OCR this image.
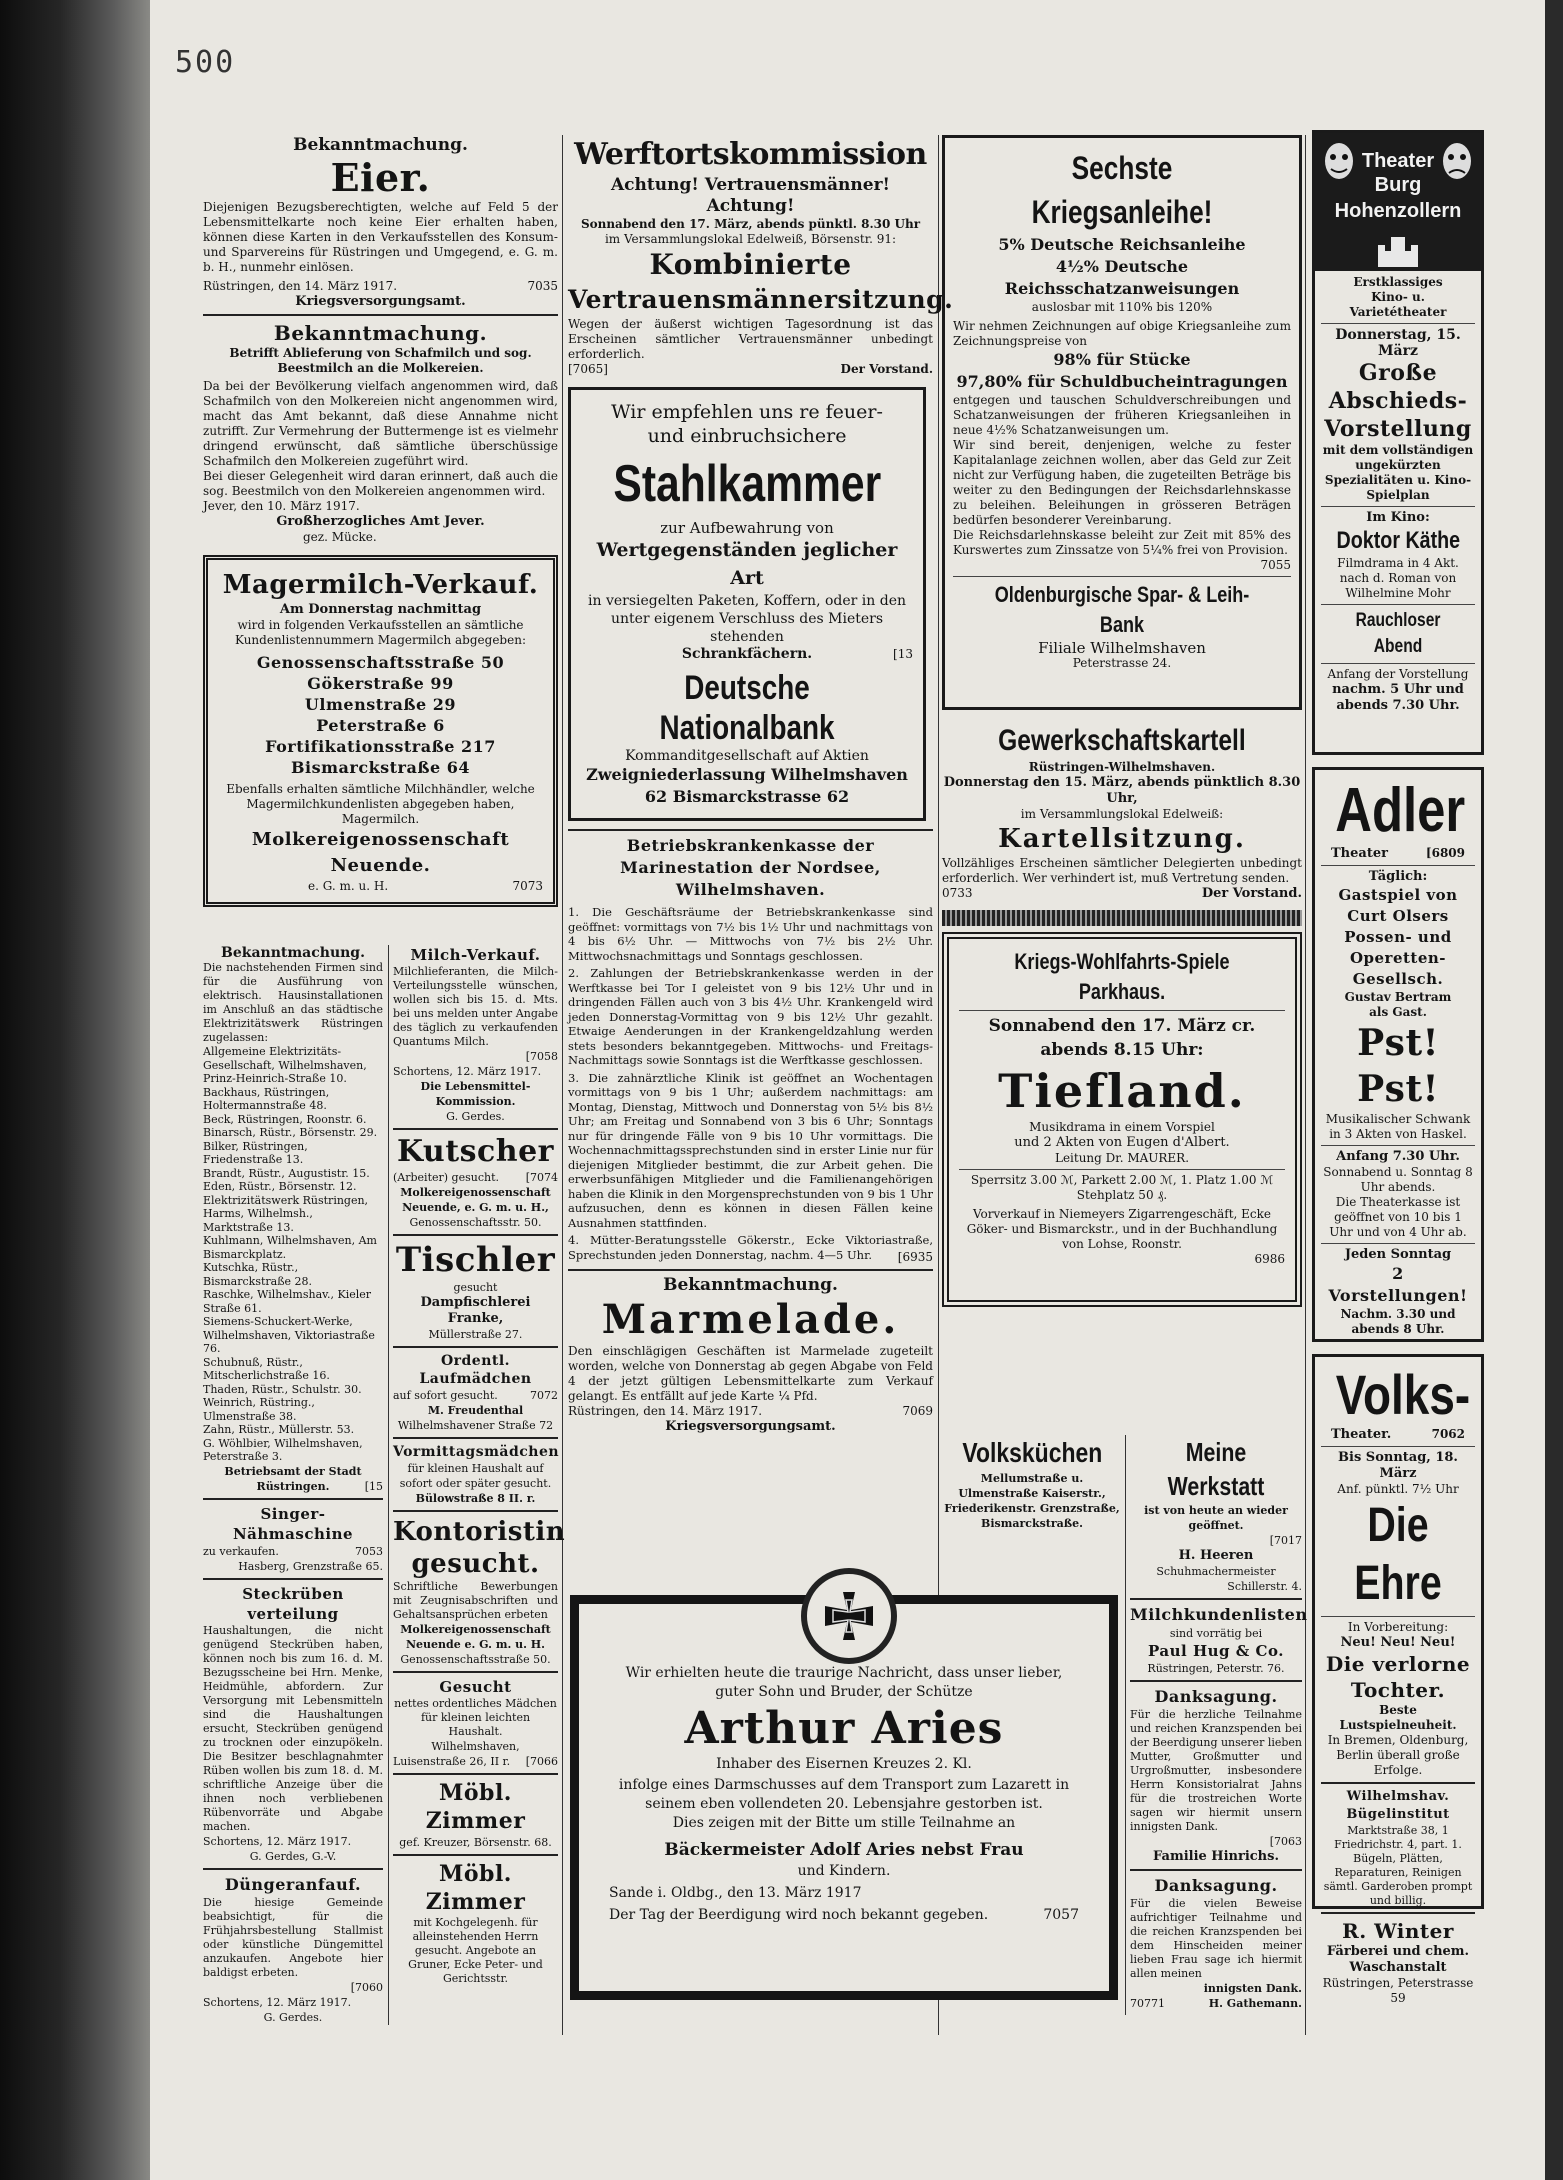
500

Bekanntmachung.

Eier.

Diejenigen Bezugsberechtigten, welche auf Feld 5 der Lebensmittelkarte noch keine Eier erhalten haben, können diese Karten in den Verkaufsstellen des Konsum- und Sparvereins für Rüstringen und Umgegend, e. G. m. b. H., nunmehr einlösen.

Rüstringen, den 14. März 1917.	7035

Kriegsversorgungsamt.

Bekanntmachung.

Betrifft Ablieferung von Schafmilch und sog. Beestmilch an die Molkereien.

Da bei der Bevölkerung vielfach angenommen wird, daß Schafmilch von den Molkereien nicht angenommen wird, macht das Amt bekannt, daß diese Annahme nicht zutrifft. Zur Vermehrung der Buttermenge ist es vielmehr dringend erwünscht, daß sämtliche überschüssige Schafmilch den Molkereien zugeführt wird.

Bei dieser Gelegenheit wird daran erinnert, daß auch die sog. Beestmilch von den Molkereien angenommen wird.

Jever, den 10. März 1917.

Großherzogliches Amt Jever.

gez. Mücke.

Magermilch-Verkauf.

Am Donnerstag nachmittag

wird in folgenden Verkaufsstellen an sämtliche Kundenlistennummern Magermilch abgegeben:

Genossenschaftsstraße 50

Gökerstraße 99

Ulmenstraße 29

Peterstraße 6

Fortifikationsstraße 217

Bismarckstraße 64

Ebenfalls erhalten sämtliche Milchhändler, welche Magermilchkundenlisten abgegeben haben, Magermilch.

Molkereigenossenschaft Neuende.

e. G. m. u. H.	7073

Bekanntmachung.

Die nachstehenden Firmen sind für die Ausführung von elektrisch. Hausinstallationen im Anschluß an das städtische Elektrizitätswerk Rüstringen zugelassen:

Allgemeine Elektrizitäts-Gesellschaft, Wilhelmshaven, Prinz-Heinrich-Straße 10.

Backhaus, Rüstringen, Holtermannstraße 48.

Beck, Rüstringen, Roonstr. 6.

Binarsch, Rüstr., Börsenstr. 29.

Bilker, Rüstringen, Friedenstraße 13.

Brandt, Rüstr., Augustistr. 15.

Eden, Rüstr., Börsenstr. 12.

Elektrizitätswerk Rüstringen, Harms, Wilhelmsh., Marktstraße 13.

Kuhlmann, Wilhelmshaven, Am Bismarckplatz.

Kutschka, Rüstr., Bismarckstraße 28.

Raschke, Wilhelmshav., Kieler Straße 61.

Siemens-Schuckert-Werke, Wilhelmshaven, Viktoriastraße 76.

Schubnuß, Rüstr., Mitscherlichstraße 16.

Thaden, Rüstr., Schulstr. 30.

Weinrich, Rüstring., Ulmenstraße 38.

Zahn, Rüstr., Müllerstr. 53.

G. Wöhlbier, Wilhelmshaven, Peterstraße 3.

Betriebsamt der Stadt Rüstringen.	[15

Singer-Nähmaschine

zu verkaufen.	7053

Hasberg, Grenzstraße 65.

Steckrüben verteilung

Haushaltungen, die nicht genügend Steckrüben haben, können noch bis zum 16. d. M. Bezugsscheine bei Hrn. Menke, Heidmühle, abfordern. Zur Versorgung mit Lebensmitteln sind die Haushaltungen ersucht, Steckrüben genügend zu trocknen oder einzupökeln. Die Besitzer beschlagnahmter Rüben wollen bis zum 18. d. M. schriftliche Anzeige über die ihnen noch verbliebenen Rübenvorräte und Abgabe machen.

Schortens, 12. März 1917.

G. Gerdes, G.-V.

Düngeranfauf.

Die hiesige Gemeinde beabsichtigt, für die Frühjahrsbestellung Stallmist oder künstliche Düngemittel anzukaufen. Angebote hier baldigst erbeten.

[7060

Schortens, 12. März 1917.

G. Gerdes.

Milch-Verkauf.

Milchlieferanten, die Milch-Verteilungsstelle wünschen, wollen sich bis 15. d. Mts. bei uns melden unter Angabe des täglich zu verkaufenden Quantums Milch.

[7058

Schortens, 12. März 1917.

Die Lebensmittel-Kommission.

G. Gerdes.

Kutscher

(Arbeiter) gesucht. [7074

Molkereigenossenschaft Neuende, e. G. m. u. H.,

Genossenschaftsstr. 50.

Tischler

gesucht

Dampfischlerei Franke,

Müllerstraße 27.

Ordentl. Laufmädchen

auf sofort gesucht.	7072

M. Freudenthal

Wilhelmshavener Straße 72

Vormittagsmädchen

für kleinen Haushalt auf sofort oder später gesucht.

Bülowstraße 8 II. r.

Kontoristin gesucht.

Schriftliche Bewerbungen mit Zeugnisabschriften und Gehaltsansprüchen erbeten

Molkereigenossenschaft Neuende e. G. m. u. H.

Genossenschaftsstraße 50.

Gesucht

nettes ordentliches Mädchen für kleinen leichten Haushalt.

Wilhelmshaven,

Luisenstraße 26, II r. [7066

Möbl. Zimmer

gef. Kreuzer, Börsenstr. 68.

Möbl. Zimmer

mit Kochgelegenh. für alleinstehenden Herrn gesucht. Angebote an Gruner, Ecke Peter- und Gerichtsstr.

Werftortskommission

Achtung! Vertrauensmänner! Achtung!

Sonnabend den 17. März, abends pünktl. 8.30 Uhr

im Versammlungslokal Edelweiß, Börsenstr. 91:

Kombinierte

Vertrauensmännersitzung.

Wegen der äußerst wichtigen Tagesordnung ist das Erscheinen sämtlicher Vertrauensmänner unbedingt erforderlich.

[7065]	Der Vorstand.

Wir empfehlen uns re feuer-

und einbruchsichere

Stahlkammer

zur Aufbewahrung von

Wertgegenständen jeglicher Art

in versiegelten Paketen, Koffern, oder in den unter eigenem Verschluss des Mieters stehenden

Schrankfächern.	[13

Deutsche Nationalbank

Kommanditgesellschaft auf Aktien

Zweigniederlassung Wilhelmshaven

62 Bismarckstrasse 62

Betriebskrankenkasse der Marinestation der Nordsee, Wilhelmshaven.

1. Die Geschäftsräume der Betriebskrankenkasse sind geöffnet: vormittags von 7½ bis 1½ Uhr und nachmittags von 4 bis 6½ Uhr. — Mittwochs von 7½ bis 2½ Uhr. Mittwochsnachmittags und Sonntags geschlossen.

2. Zahlungen der Betriebskrankenkasse werden in der Werftkasse bei Tor I geleistet von 9 bis 12½ Uhr und in dringenden Fällen auch von 3 bis 4½ Uhr. Krankengeld wird jeden Donnerstag-Vormittag von 9 bis 12½ Uhr gezahlt. Etwaige Aenderungen in der Krankengeldzahlung werden stets besonders bekanntgegeben. Mittwochs- und Freitags-Nachmittags sowie Sonntags ist die Werftkasse geschlossen.

3. Die zahnärztliche Klinik ist geöffnet an Wochentagen vormittags von 9 bis 1 Uhr; außerdem nachmittags: am Montag, Dienstag, Mittwoch und Donnerstag von 5½ bis 8½ Uhr; am Freitag und Sonnabend von 3 bis 6 Uhr; Sonntags nur für dringende Fälle von 9 bis 10 Uhr vormittags. Die Wochennachmittagssprechstunden sind in erster Linie nur für diejenigen Mitglieder bestimmt, die zur Arbeit gehen. Die erwerbsunfähigen Mitglieder und die Familienangehörigen haben die Klinik in den Morgensprechstunden von 9 bis 1 Uhr aufzusuchen, denn es können in diesen Fällen keine Ausnahmen stattfinden.

4. Mütter-Beratungsstelle Gökerstr., Ecke Viktoriastraße, Sprechstunden jeden Donnerstag, nachm. 4—5 Uhr.	[6935

Bekanntmachung.

Marmelade.

Den einschlägigen Geschäften ist Marmelade zugeteilt worden, welche von Donnerstag ab gegen Abgabe von Feld 4 der jetzt gültigen Lebensmittelkarte zum Verkauf gelangt. Es entfällt auf jede Karte ¼ Pfd.

Rüstringen, den 14. März 1917.	7069

Kriegsversorgungsamt.

Wir erhielten heute die traurige Nachricht, dass unser lieber, guter Sohn und Bruder, der Schütze

Arthur Aries

Inhaber des Eisernen Kreuzes 2. Kl.

infolge eines Darmschusses auf dem Transport zum Lazarett in seinem eben vollendeten 20. Lebensjahre gestorben ist.

Dies zeigen mit der Bitte um stille Teilnahme an

Bäckermeister Adolf Aries nebst Frau

und Kindern.

Sande i. Oldbg., den 13. März 1917

Der Tag der Beerdigung wird noch bekannt gegeben.	7057

Sechste Kriegsanleihe!

5% Deutsche Reichsanleihe

4½% Deutsche Reichsschatzanweisungen

auslosbar mit 110% bis 120%

Wir nehmen Zeichnungen auf obige Kriegsanleihe zum Zeichnungspreise von

98% für Stücke

97,80% für Schuldbucheintragungen

entgegen und tauschen Schuldverschreibungen und Schatzanweisungen der früheren Kriegsanleihen in neue 4½% Schatzanweisungen um.

Wir sind bereit, denjenigen, welche zu fester Kapitalanlage zeichnen wollen, aber das Geld zur Zeit nicht zur Verfügung haben, die zugeteilten Beträge bis weiter zu den Bedingungen der Reichsdarlehnskasse zu beleihen. Beleihungen in grösseren Beträgen bedürfen besonderer Vereinbarung.

Die Reichsdarlehnskasse beleiht zur Zeit mit 85% des Kurswertes zum Zinssatze von 5¼% frei von Provision.

7055

Oldenburgische Spar- & Leih-Bank

Filiale Wilhelmshaven

Peterstrasse 24.

Gewerkschaftskartell

Rüstringen-Wilhelmshaven.

Donnerstag den 15. März, abends pünktlich 8.30 Uhr,

im Versammlungslokal Edelweiß:

Kartellsitzung.

Vollzähliges Erscheinen sämtlicher Delegierten unbedingt erforderlich. Wer verhindert ist, muß Vertretung senden.

0733	Der Vorstand.

Kriegs-Wohlfahrts-Spiele Parkhaus.

Sonnabend den 17. März cr.

abends 8.15 Uhr:

Tiefland.

Musikdrama in einem Vorspiel

und 2 Akten von Eugen d'Albert.

Leitung Dr. MAURER.

Sperrsitz 3.00 ℳ, Parkett 2.00 ℳ, 1. Platz 1.00 ℳ

Stehplatz 50 ₰.

Vorverkauf in Niemeyers Zigarrengeschäft, Ecke Göker- und Bismarckstr., und in der Buchhandlung von Lohse, Roonstr.

6986

Volksküchen

Mellumstraße u. Ulmenstraße Kaiserstr., Friederikenstr. Grenzstraße, Bismarckstraße.

Meine Werkstatt

ist von heute an wieder geöffnet.

[7017

H. Heeren

Schuhmachermeister

Schillerstr. 4.

Milchkundenlisten

sind vorrätig bei

Paul Hug & Co.

Rüstringen, Peterstr. 76.

Danksagung.

Für die herzliche Teilnahme und reichen Kranzspenden bei der Beerdigung unserer lieben Mutter, Großmutter und Urgroßmutter, insbesondere Herrn Konsistorialrat Jahns für die trostreichen Worte sagen wir hiermit unsern innigsten Dank.

[7063

Familie Hinrichs.

Danksagung.

Für die vielen Beweise aufrichtiger Teilnahme und die reichen Kranzspenden bei dem Hinscheiden meiner lieben Frau sage ich hiermit allen meinen

innigsten Dank.

70771	H. Gathemann.

Theater Burg Hohenzollern

Erstklassiges

Kino- u. Varietétheater

Donnerstag, 15. März

Große Abschieds-Vorstellung

mit dem vollständigen ungekürzten Spezialitäten u. Kino-Spielplan

Im Kino:

Doktor Käthe

Filmdrama in 4 Akt. nach d. Roman von Wilhelmine Mohr

Rauchloser Abend

Anfang der Vorstellung

nachm. 5 Uhr und

abends 7.30 Uhr.

Adler

Theater	[6809

Täglich:

Gastspiel von Curt Olsers Possen- und Operetten-Gesellsch.

Gustav Bertram

als Gast.

Pst! Pst!

Musikalischer Schwank in 3 Akten von Haskel.

Anfang 7.30 Uhr.

Sonnabend u. Sonntag 8 Uhr abends.

Die Theaterkasse ist geöffnet von 10 bis 1 Uhr und von 4 Uhr ab.

Jeden Sonntag

2 Vorstellungen!

Nachm. 3.30 und abends 8 Uhr.

Volks-

Theater.	7062

Bis Sonntag, 18. März

Anf. pünktl. 7½ Uhr

Die Ehre

In Vorbereitung:

Neu! Neu! Neu!

Die verlorne Tochter.

Beste Lustspielneuheit.

In Bremen, Oldenburg, Berlin überall große Erfolge.

Wilhelmshav. Bügelinstitut

Marktstraße 38, 1 Friedrichstr. 4, part. 1. Bügeln, Plätten, Reparaturen, Reinigen sämtl. Garderoben prompt und billig.

R. Winter

Färberei und chem.

Waschanstalt

Rüstringen, Peterstrasse 59
